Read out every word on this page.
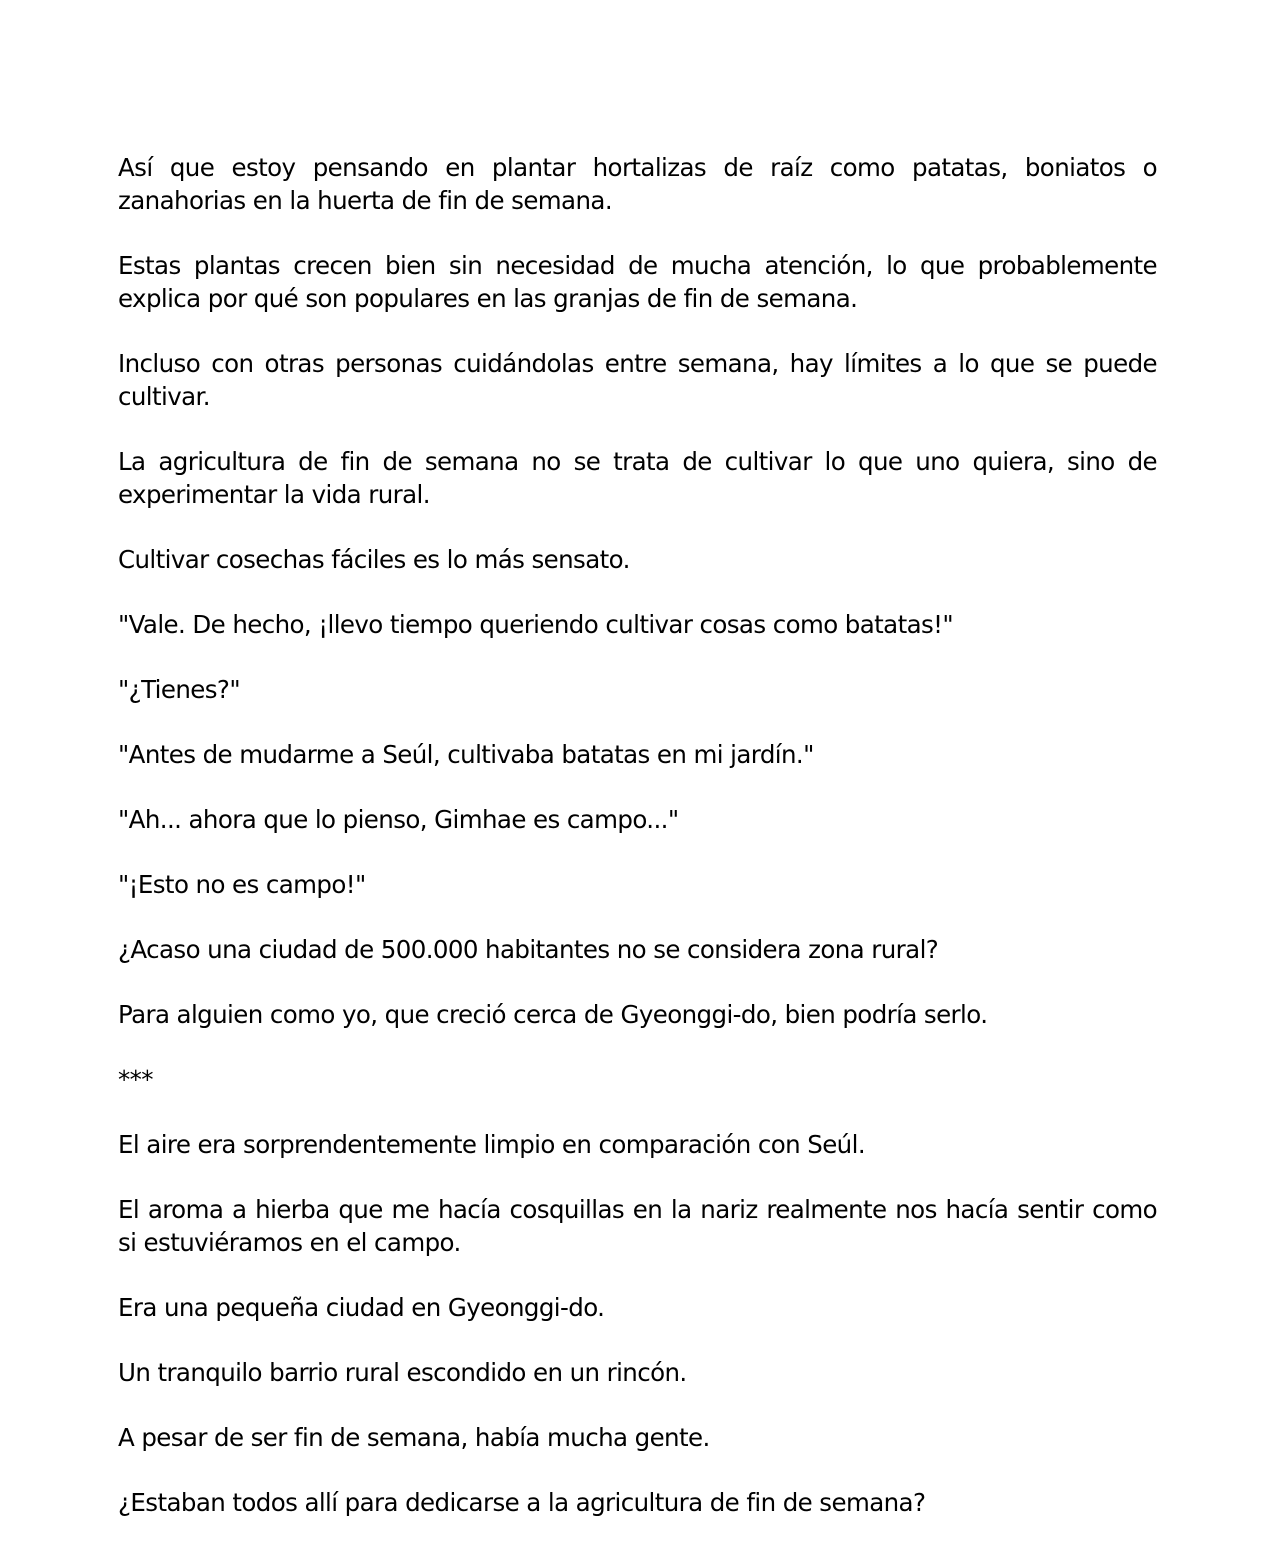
Así que estoy pensando en plantar hortalizas de raíz como patatas, boniatos o zanahorias en la huerta de fin de semana.

Estas plantas crecen bien sin necesidad de mucha atención, lo que probablemente explica por qué son populares en las granjas de fin de semana.

Incluso con otras personas cuidándolas entre semana, hay límites a lo que se puede cultivar.

La agricultura de fin de semana no se trata de cultivar lo que uno quiera, sino de experimentar la vida rural.

Cultivar cosechas fáciles es lo más sensato.

"Vale. De hecho, ¡llevo tiempo queriendo cultivar cosas como batatas!"

"¿Tienes?"

"Antes de mudarme a Seúl, cultivaba batatas en mi jardín."

"Ah... ahora que lo pienso, Gimhae es campo..."

"¡Esto no es campo!"

¿Acaso una ciudad de 500.000 habitantes no se considera zona rural?

Para alguien como yo, que creció cerca de Gyeonggi-do, bien podría serlo.

***

El aire era sorprendentemente limpio en comparación con Seúl.

El aroma a hierba que me hacía cosquillas en la nariz realmente nos hacía sentir como si estuviéramos en el campo.

Era una pequeña ciudad en Gyeonggi-do.

Un tranquilo barrio rural escondido en un rincón.

A pesar de ser fin de semana, había mucha gente.

¿Estaban todos allí para dedicarse a la agricultura de fin de semana?
